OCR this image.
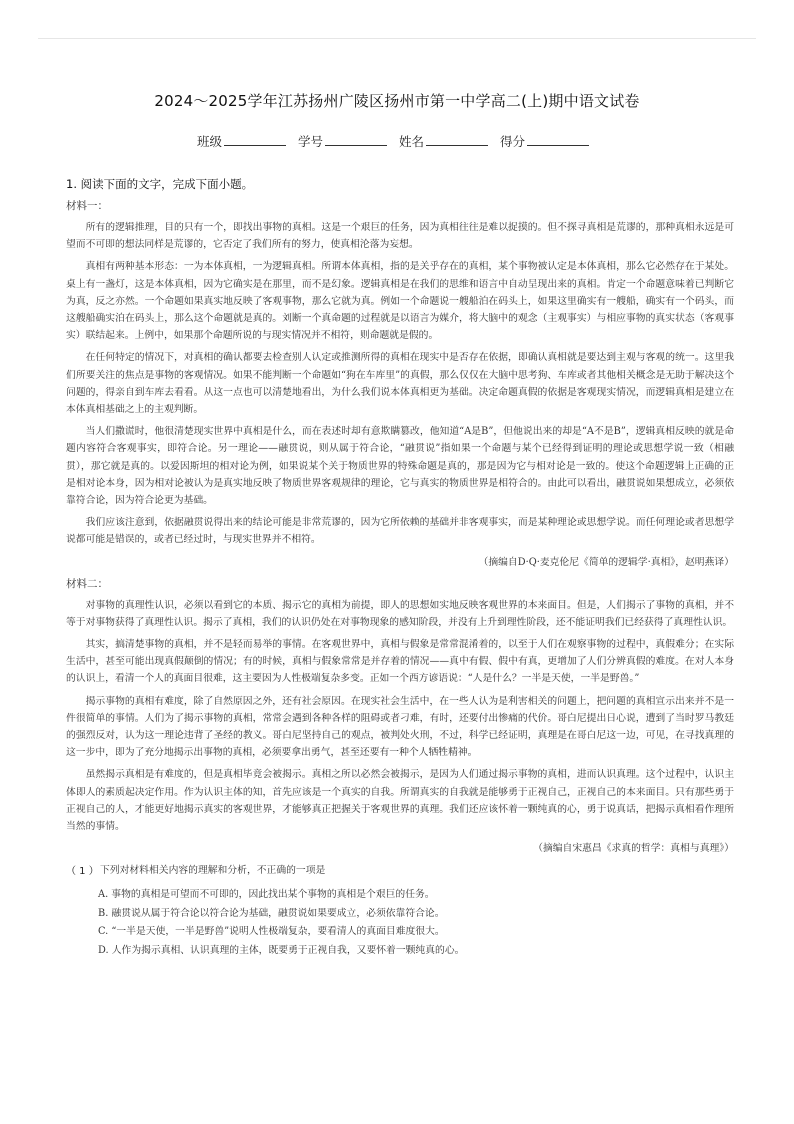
2024～2025学年江苏扬州广陵区扬州市第一中学高二(上)期中语文试卷
班级	学号	姓名	得分
1. 阅读下面的文字，完成下面小题。
材料一：

所有的逻辑推理，目的只有一个，即找出事物的真相。这是一个艰巨的任务，因为真相往往是难以捉摸的。但不探寻真相是荒谬的，那种真相永远是可望而不可即的想法同样是荒谬的，它否定了我们所有的努力，使真相沦落为妄想。

真相有两种基本形态：一为本体真相，一为逻辑真相。所谓本体真相，指的是关乎存在的真相，某个事物被认定是本体真相，那么它必然存在于某处。桌上有一盏灯，这是本体真相，因为它确实是在那里，而不是幻象。逻辑真相是在我们的思维和语言中自动呈现出来的真相。肯定一个命题意味着已判断它为真，反之亦然。一个命题如果真实地反映了客观事物，那么它就为真。例如一个命题说一艘船泊在码头上，如果这里确实有一艘船，确实有一个码头，而这艘船确实泊在码头上，那么这个命题就是真的。刘断一个真命题的过程就是以语言为媒介，将大脑中的观念（主观事实）与相应事物的真实状态（客观事实）联结起来。上例中，如果那个命题所说的与现实情况并不相符，则命题就是假的。

在任何特定的情况下，对真相的确认都要去检查别人认定或推测所得的真相在现实中是否存在依据，即确认真相就是要达到主观与客观的统一。这里我们所要关注的焦点是事物的客观情况。如果不能判断一个命题如“狗在车库里”的真假，那么仅仅在大脑中思考狗、车库或者其他相关概念是无助于解决这个问题的，得亲自到车库去看看。从这一点也可以清楚地看出，为什么我们说本体真相更为基础。决定命题真假的依据是客观现实情况，而逻辑真相是建立在本体真相基础之上的主观判断。

当人们撒谎时，他很清楚现实世界中真相是什么，而在表述时却有意欺瞒篡改，他知道“A是B”，但他说出来的却是“A不是B”，逻辑真相反映的就是命题内容符合客观事实，即符合论。另一理论——融贯说，则从属于符合论，“融贯说”指如果一个命题与某个已经得到证明的理论或思想学说一致（相融贯），那它就是真的。以爱因斯坦的相对论为例，如果说某个关于物质世界的特殊命题是真的，那是因为它与相对论是一致的。使这个命题逻辑上正确的正是相对论本身，因为相对论被认为是真实地反映了物质世界客观规律的理论，它与真实的物质世界是相符合的。由此可以看出，融贯说如果想成立，必须依靠符合论，因为符合论更为基础。

我们应该注意到，依据融贯说得出来的结论可能是非常荒谬的，因为它所依赖的基础并非客观事实，而是某种理论或思想学说。而任何理论或者思想学说都可能是错误的，或者已经过时，与现实世界并不相符。

（摘编自D·Q·麦克伦尼《简单的逻辑学·真相》，赵明燕译）
材料二：

对事物的真理性认识，必须以看到它的本质、揭示它的真相为前提，即人的思想如实地反映客观世界的本来面目。但是，人们揭示了事物的真相，并不等于对事物获得了真理性认识。揭示了真相，我们的认识仍处在对事物现象的感知阶段，并没有上升到理性阶段，还不能证明我们已经获得了真理性认识。

其实，搞清楚事物的真相，并不是轻而易举的事情。在客观世界中，真相与假象是常常混淆着的，以至于人们在观察事物的过程中，真假难分；在实际生活中，甚至可能出现真假颠倒的情况；有的时候，真相与假象常常是并存着的情况——真中有假、假中有真，更增加了人们分辨真假的难度。在对人本身的认识上，看清一个人的真面目很难，这主要因为人性极端复杂多变。正如一个西方谚语说：“人是什么？一半是天使，一半是野兽。”

揭示事物的真相有难度，除了自然原因之外，还有社会原因。在现实社会生活中，在一些人认为是利害相关的问题上，把问题的真相宣示出来并不是一件很简单的事情。人们为了揭示事物的真相，常常会遇到各种各样的阻碍或者刁难，有时，还要付出惨痛的代价。哥白尼提出日心说，遭到了当时罗马教廷的强烈反对，认为这一理论违背了圣经的教义。哥白尼坚持自己的观点，被判处火刑，不过，科学已经证明，真理是在哥白尼这一边，可见，在寻找真理的这一步中，即为了充分地揭示出事物的真相，必须要拿出勇气，甚至还要有一种个人牺牲精神。

虽然揭示真相是有难度的，但是真相毕竟会被揭示。真相之所以必然会被揭示，是因为人们通过揭示事物的真相，进而认识真理。这个过程中，认识主体即人的素质起决定作用。作为认识主体的知，首先应该是一个真实的自我。所谓真实的自我就是能够勇于正视自己，正视自己的本来面目。只有那些勇于正视自己的人，才能更好地揭示真实的客观世界，才能够真正把握关于客观世界的真理。我们还应该怀着一颗纯真的心，勇于说真话，把揭示真相看作理所当然的事情。

（摘编自宋惠昌《求真的哲学：真相与真理》）
（ 1 ） 下列对材料相关内容的理解和分析，不正确的一项是
A. 事物的真相是可望而不可即的，因此找出某个事物的真相是个艰巨的任务。
B. 融贯说从属于符合论以符合论为基础，融贯说如果要成立，必须依靠符合论。
C. “一半是天使，一半是野兽”说明人性极端复杂，要看清人的真面目难度很大。
D. 人作为揭示真相、认识真理的主体，既要勇于正视自我，又要怀着一颗纯真的心。
